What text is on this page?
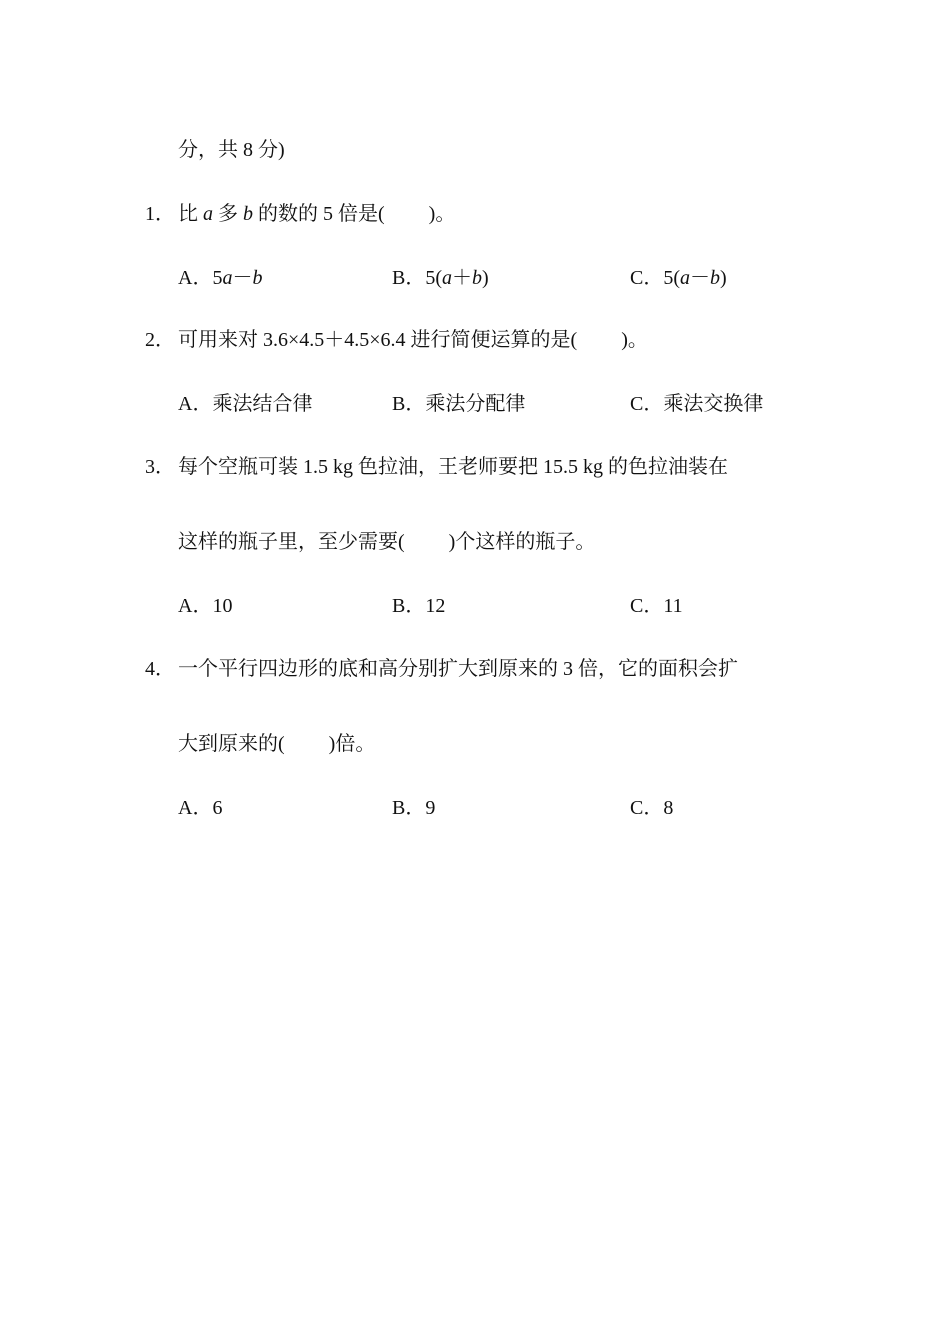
分，共 8 分)
1． 比 a 多 b 的数的 5 倍是( )。
A．5a－b	B．5(a＋b)	C．5(a－b)
2． 可用来对 3.6×4.5＋4.5×6.4 进行简便运算的是( )。
A．乘法结合律	B．乘法分配律	C．乘法交换律
3． 每个空瓶可装 1.5 kg 色拉油，王老师要把 15.5 kg 的色拉油装在
这样的瓶子里，至少需要( )个这样的瓶子。
A．10	B．12	C．11
4． 一个平行四边形的底和高分别扩大到原来的 3 倍，它的面积会扩
大到原来的( )倍。
A．6	B．9	C．8
